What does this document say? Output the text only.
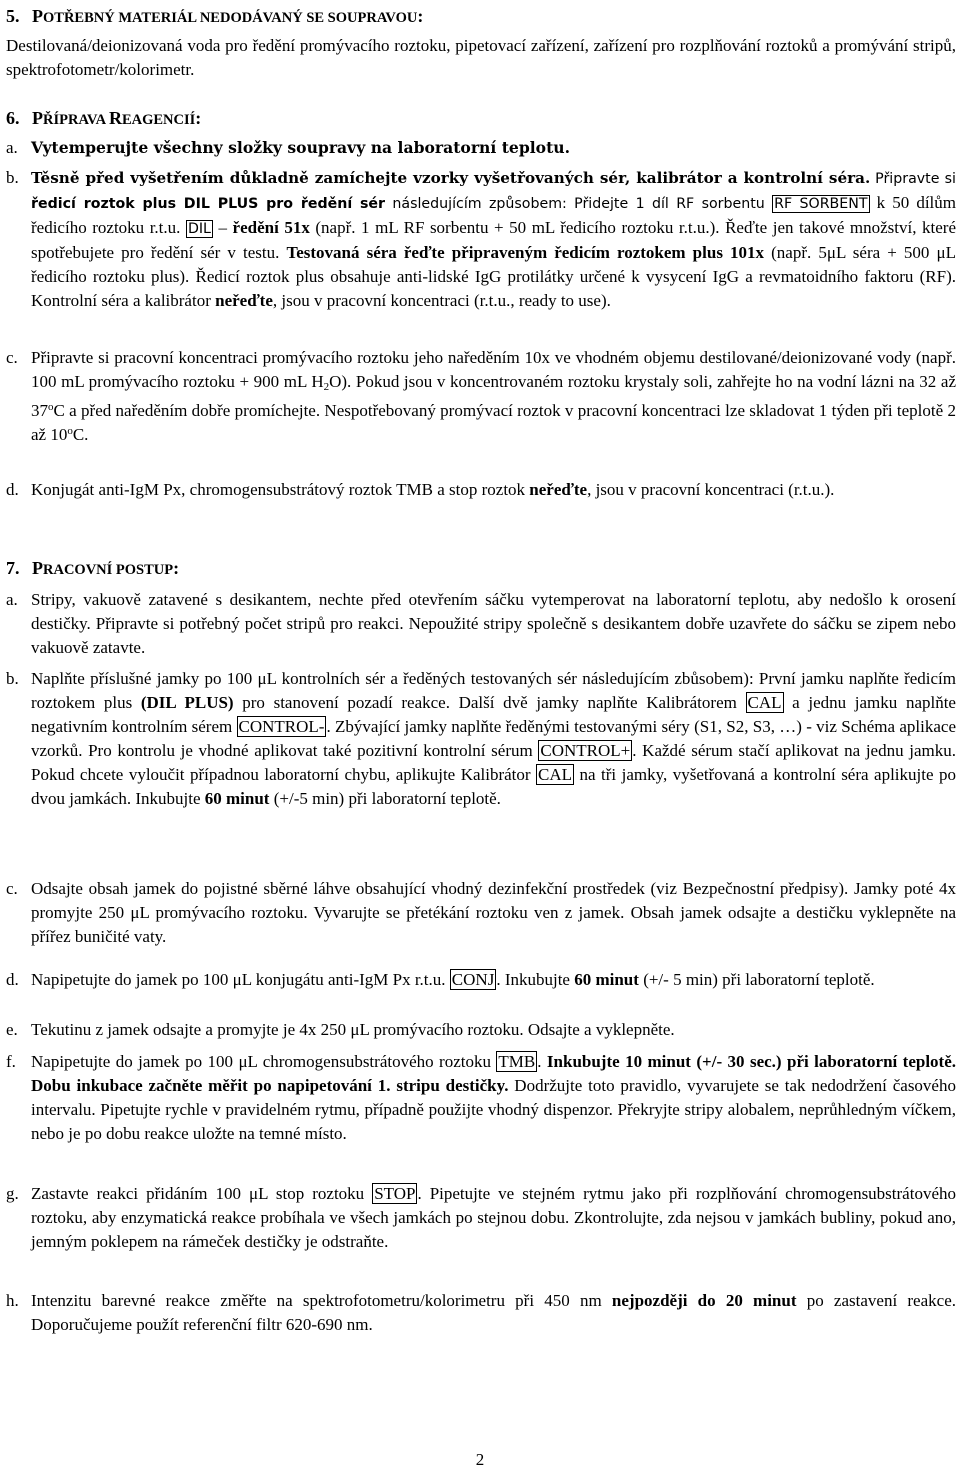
5. POTŘEBNÝ MATERIÁL NEDODÁVANÝ SE SOUPRAVOU:
Destilovaná/deionizovaná voda pro ředění promývacího roztoku, pipetovací zařízení, zařízení pro rozplňování roztoků a promývání stripů, spektrofotometr/kolorimetr.
6. PŘÍPRAVA REAGENCIÍ:
a. Vytemperujte všechny složky soupravy na laboratorní teplotu.
b. Těsně před vyšetřením důkladně zamíchejte vzorky vyšetřovaných sér, kalibrátor a kontrolní séra. Připravte si ředicí roztok plus DIL PLUS pro ředění sér následujícím způsobem: Přidejte 1 díl RF sorbentu RF SORBENT k 50 dílům ředicího roztoku r.t.u. DIL – ředění 51x (např. 1 mL RF sorbentu + 50 mL ředicího roztoku r.t.u.). Řeďte jen takové množství, které spotřebujete pro ředění sér v testu. Testovaná séra řeďte připraveným ředicím roztokem plus 101x (např. 5μL séra + 500 μL ředicího roztoku plus). Ředicí roztok plus obsahuje anti-lidské IgG protilátky určené k vysycení IgG a revmatoidního faktoru (RF). Kontrolní séra a kalibrátor neřeďte, jsou v pracovní koncentraci (r.t.u., ready to use).
c. Připravte si pracovní koncentraci promývacího roztoku jeho naředěním 10x ve vhodném objemu destilované/deionizované vody (např. 100 mL promývacího roztoku + 900 mL $H_2O$). Pokud jsou v koncentrovaném roztoku krystaly soli, zahřejte ho na vodní lázni na 32 až 37$^o$C a před naředěním dobře promíchejte. Nespotřebovaný promývací roztok v pracovní koncentraci lze skladovat 1 týden při teplotě 2 až 10$^o$C.
d. Konjugát anti-IgM Px, chromogensubstrátový roztok TMB a stop roztok neřeďte, jsou v pracovní koncentraci (r.t.u.).
7. PRACOVNÍ POSTUP:
a. Stripy, vakuově zatavené s desikantem, nechte před otevřením sáčku vytemperovat na laboratorní teplotu, aby nedošlo k orosení destičky. Připravte si potřebný počet stripů pro reakci. Nepoužité stripy společně s desikantem dobře uzavřete do sáčku se zipem nebo vakuově zatavte.
b. Naplňte příslušné jamky po 100 μL kontrolních sér a ředěných testovaných sér následujícím zbůsobem): První jamku naplňte ředicím roztokem plus (DIL PLUS) pro stanovení pozadí reakce. Další dvě jamky naplňte Kalibrátorem CAL a jednu jamku naplňte negativním kontrolním sérem CONTROL- . Zbývající jamky naplňte ředěnými testovanými séry (S1, S2, S3, …) - viz Schéma aplikace vzorků. Pro kontrolu je vhodné aplikovat také pozitivní kontrolní sérum CONTROL+ . Každé sérum stačí aplikovat na jednu jamku. Pokud chcete vyloučit případnou laboratorní chybu, aplikujte Kalibrátor CAL na tři jamky, vyšetřovaná a kontrolní séra aplikujte po dvou jamkách. Inkubujte 60 minut (+/-5 min) při laboratorní teplotě.
c. Odsajte obsah jamek do pojistné sběrné láhve obsahující vhodný dezinfekční prostředek (viz Bezpečnostní předpisy). Jamky poté 4x promyjte 250 μL promývacího roztoku. Vyvarujte se přetékání roztoku ven z jamek. Obsah jamek odsajte a destičku vyklepněte na přířez buničité vaty.
d. Napipetujte do jamek po 100 μL konjugátu anti-IgM Px r.t.u. CONJ . Inkubujte 60 minut (+/- 5 min) při laboratorní teplotě.
e. Tekutinu z jamek odsajte a promyjte je 4x 250 μL promývacího roztoku. Odsajte a vyklepněte.
f. Napipetujte do jamek po 100 μL chromogensubstrátového roztoku TMB . Inkubujte 10 minut (+/- 30 sec.) při laboratorní teplotě. Dobu inkubace začněte měřit po napipetování 1. stripu destičky. Dodržujte toto pravidlo, vyvarujete se tak nedodržení časového intervalu. Pipetujte rychle v pravidelném rytmu, případně použijte vhodný dispenzor. Překryjte stripy alobalem, neprůhledným víčkem, nebo je po dobu reakce uložte na temné místo.
g. Zastavte reakci přidáním 100 μL stop roztoku STOP . Pipetujte ve stejném rytmu jako při rozplňování chromogensubstrátového roztoku, aby enzymatická reakce probíhala ve všech jamkách po stejnou dobu. Zkontrolujte, zda nejsou v jamkách bubliny, pokud ano, jemným poklepem na rámeček destičky je odstraňte.
h. Intenzitu barevné reakce změřte na spektrofotometru/kolorimetru při 450 nm nejpozději do 20 minut po zastavení reakce. Doporučujeme použít referenční filtr 620-690 nm.
2
